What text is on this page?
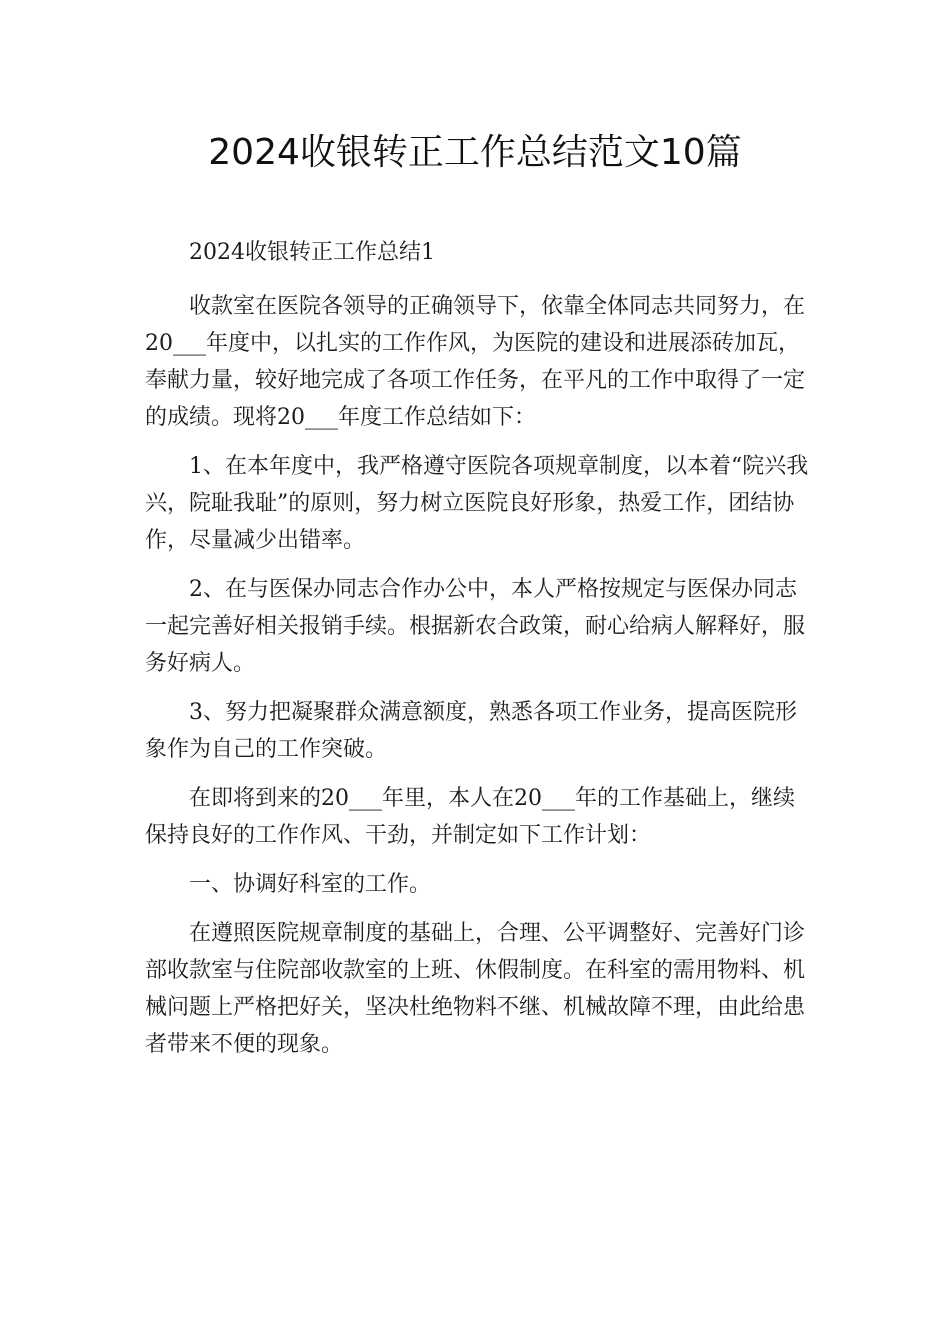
2024收银转正工作总结范文10篇

2024收银转正工作总结1

收款室在医院各领导的正确领导下，依靠全体同志共同努力，在20___年度中，以扎实的工作作风，为医院的建设和进展添砖加瓦，奉献力量，较好地完成了各项工作任务，在平凡的工作中取得了一定的成绩。现将20___年度工作总结如下：

1、在本年度中，我严格遵守医院各项规章制度，以本着“院兴我兴，院耻我耻”的原则，努力树立医院良好形象，热爱工作，团结协作，尽量减少出错率。

2、在与医保办同志合作办公中，本人严格按规定与医保办同志一起完善好相关报销手续。根据新农合政策，耐心给病人解释好，服务好病人。

3、努力把凝聚群众满意额度，熟悉各项工作业务，提高医院形象作为自己的工作突破。

在即将到来的20___年里，本人在20___年的工作基础上，继续保持良好的工作作风、干劲，并制定如下工作计划：

一、协调好科室的工作。

在遵照医院规章制度的基础上，合理、公平调整好、完善好门诊部收款室与住院部收款室的上班、休假制度。在科室的需用物料、机械问题上严格把好关，坚决杜绝物料不继、机械故障不理，由此给患者带来不便的现象。
